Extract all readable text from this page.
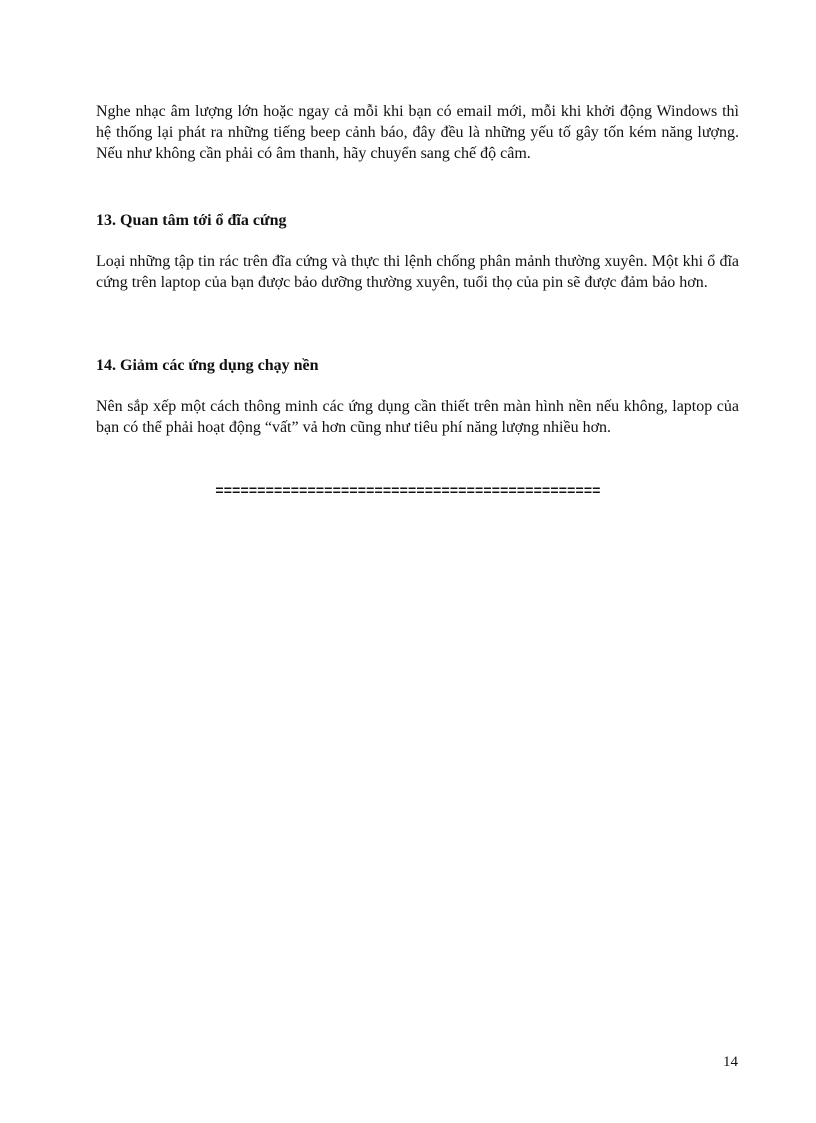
Nghe nhạc âm lượng lớn hoặc ngay cả mỗi khi bạn có email mới, mỗi khi khởi động Windows thì hệ thống lại phát ra những tiếng beep cảnh báo, đây đều là những yếu tố gây tốn kém năng lượng. Nếu như không cần phải có âm thanh, hãy chuyển sang chế độ câm.

13. Quan tâm tới ổ đĩa cứng

Loại những tập tin rác trên đĩa cứng và thực thi lệnh chống phân mảnh thường xuyên. Một khi ổ đĩa cứng trên laptop của bạn được bảo dưỡng thường xuyên, tuổi thọ của pin sẽ được đảm bảo hơn.

14. Giảm các ứng dụng chạy nền

Nên sắp xếp một cách thông minh các ứng dụng cần thiết trên màn hình nền nếu không, laptop của bạn có thể phải hoạt động “vất” vả hơn cũng như tiêu phí năng lượng nhiều hơn.

==============================================

14
